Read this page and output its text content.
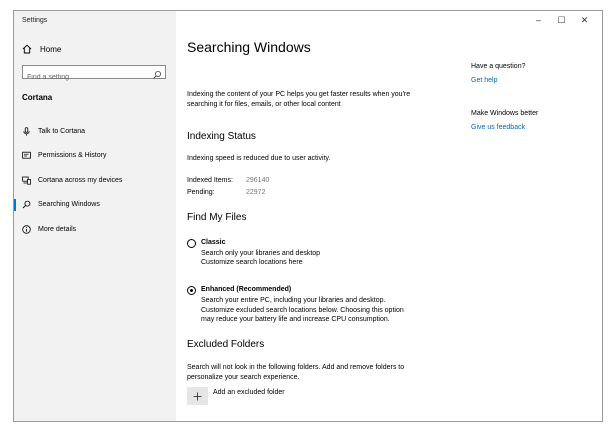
Settings
Home
Find a setting
Cortana
Talk to Cortana
Permissions & History
Cortana across my devices
Searching Windows
More details
–	☐	✕
Searching Windows
Indexing the content of your PC helps you get faster results when you're searching it for files, emails, or other local content
Indexing Status
Indexing speed is reduced due to user activity.
Indexed Items: 296140
Pending:	22972
Find My Files
Classic
Search only your libraries and desktop
Customize search locations here
Enhanced (Recommended)
Search your entire PC, including your libraries and desktop.
Customize excluded search locations below. Choosing this option
may reduce your battery life and increase CPU consumption.
Excluded Folders
Search will not look in the following folders. Add and remove folders to
personalize your search experience.
Add an excluded folder
Have a question?
Get help
Make Windows better
Give us feedback
